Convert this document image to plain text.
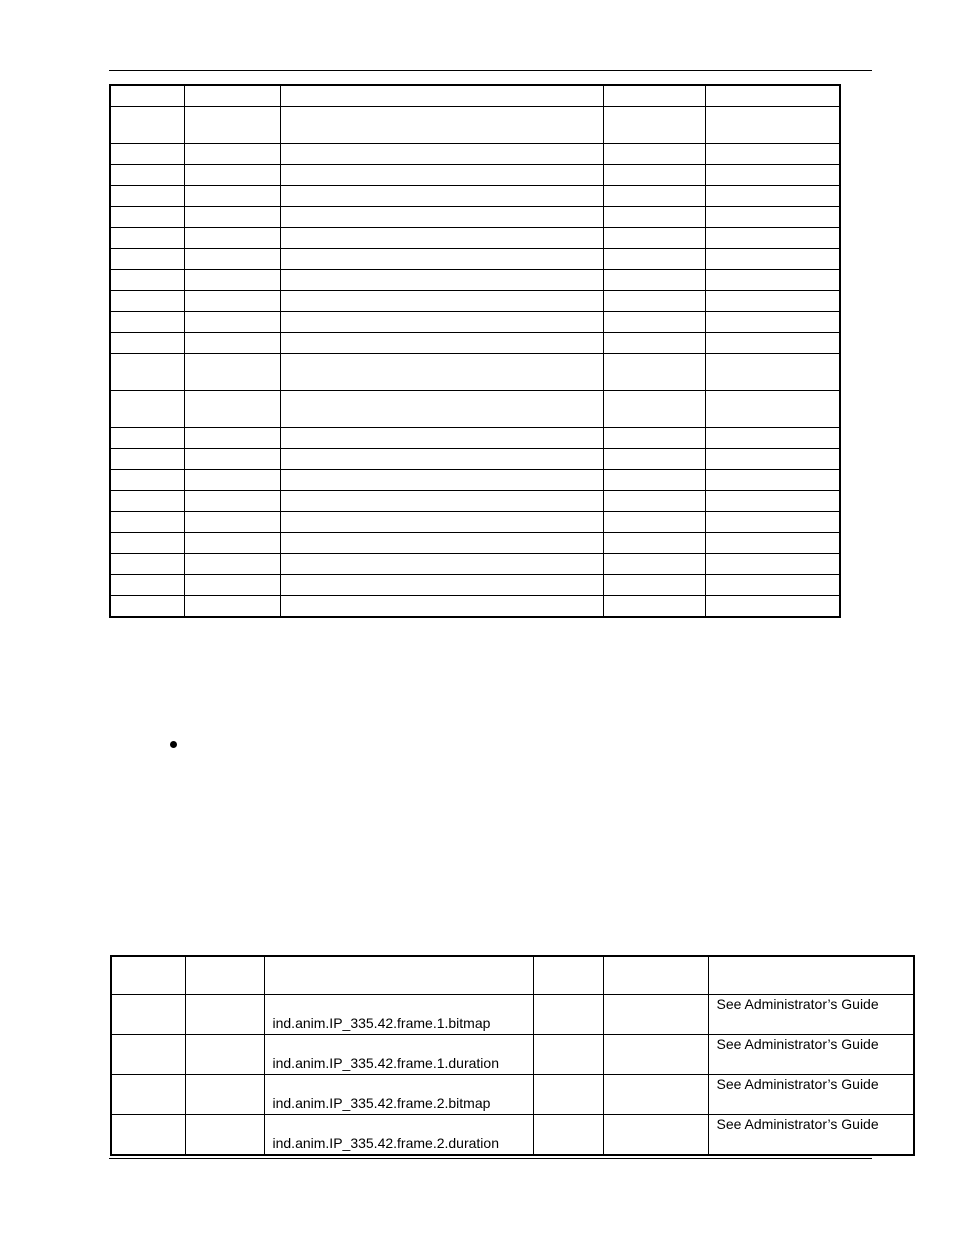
		ind.anim.IP_335.42.frame.1.bitmap			See Administrator’s Guide
		ind.anim.IP_335.42.frame.1.duration			See Administrator’s Guide
		ind.anim.IP_335.42.frame.2.bitmap			See Administrator’s Guide
		ind.anim.IP_335.42.frame.2.duration			See Administrator’s Guide
